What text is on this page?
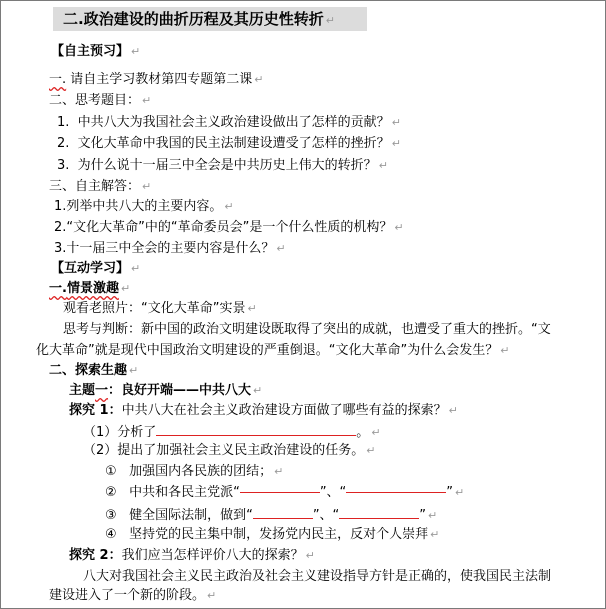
二.政治建设的曲折历程及其历史性转折 ↵
【自主预习】 ↵
一. 请自主学习教材第四专题第二课 ↵
二、思考题目： ↵
1. 中共八大为我国社会主义政治建设做出了怎样的贡献？ ↵
2. 文化大革命中我国的民主法制建设遭受了怎样的挫折？ ↵
3. 为什么说十一届三中全会是中共历史上伟大的转折？ ↵
三、自主解答： ↵
1.列举中共八大的主要内容。 ↵
2.“文化大革命”中的“革命委员会”是一个什么性质的机构？ ↵
3.十一届三中全会的主要内容是什么？ ↵
【互动学习】 ↵
一.情景激趣 ↵
观看老照片：“文化大革命”实景 ↵
思考与判断：新中国的政治文明建设既取得了突出的成就，也遭受了重大的挫折。“文
化大革命”就是现代中国政治文明建设的严重倒退。“文化大革命”为什么会发生？ ↵
二、探索生趣 ↵
主题一：良好开端——中共八大 ↵
探究 1：中共八大在社会主义政治建设方面做了哪些有益的探索？ ↵
（1）分析了	。 ↵
（2）提出了加强社会主义民主政治建设的任务。 ↵
① 加强国内各民族的团结； ↵
② 中共和各民主党派“	”、“	” ↵
③ 健全国际法制，做到“	”、“	” ↵
④ 坚持党的民主集中制，发扬党内民主，反对个人崇拜 ↵
探究 2：我们应当怎样评价八大的探索？ ↵
八大对我国社会主义民主政治及社会主义建设指导方针是正确的，使我国民主法制
建设进入了一个新的阶段。 ↵
